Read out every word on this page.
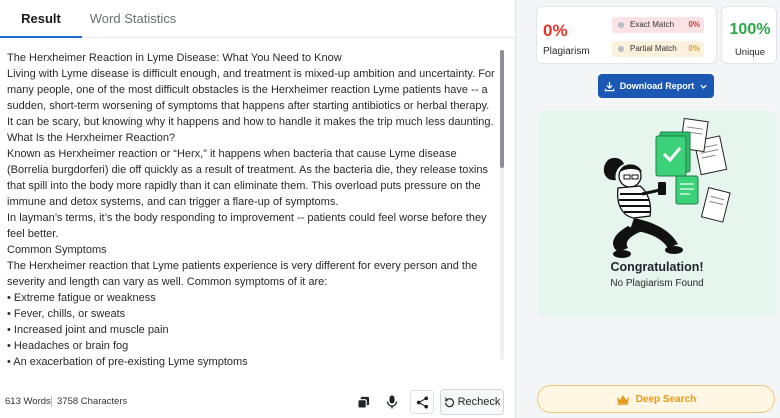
Result	Word Statistics

The Herxheimer Reaction in Lyme Disease: What You Need to Know

Living with Lyme disease is difficult enough, and treatment is mixed-up ambition and uncertainty. For many people, one of the most difficult obstacles is the Herxheimer reaction Lyme patients have -- a sudden, short-term worsening of symptoms that happens after starting antibiotics or herbal therapy. It can be scary, but knowing why it happens and how to handle it makes the trip much less daunting.

What Is the Herxheimer Reaction?

Known as Herxheimer reaction or “Herx,” it happens when bacteria that cause Lyme disease (Borrelia burgdorferi) die off quickly as a result of treatment. As the bacteria die, they release toxins that spill into the body more rapidly than it can eliminate them. This overload puts pressure on the immune and detox systems, and can trigger a flare-up of symptoms.

In layman’s terms, it’s the body responding to improvement -- patients could feel worse before they feel better.

Common Symptoms

The Herxheimer reaction that Lyme patients experience is very different for every person and the severity and length can vary as well. Common symptoms of it are:

• Extreme fatigue or weakness

• Fever, chills, or sweats

• Increased joint and muscle pain

• Headaches or brain fog

• An exacerbation of pre-existing Lyme symptoms

613 Words 3758 Characters	Recheck
0%
Plagiarism
Exact Match 0%
Partial Match 0%
100%
Unique
Download Report
Congratulation!
No Plagiarism Found
Deep Search
